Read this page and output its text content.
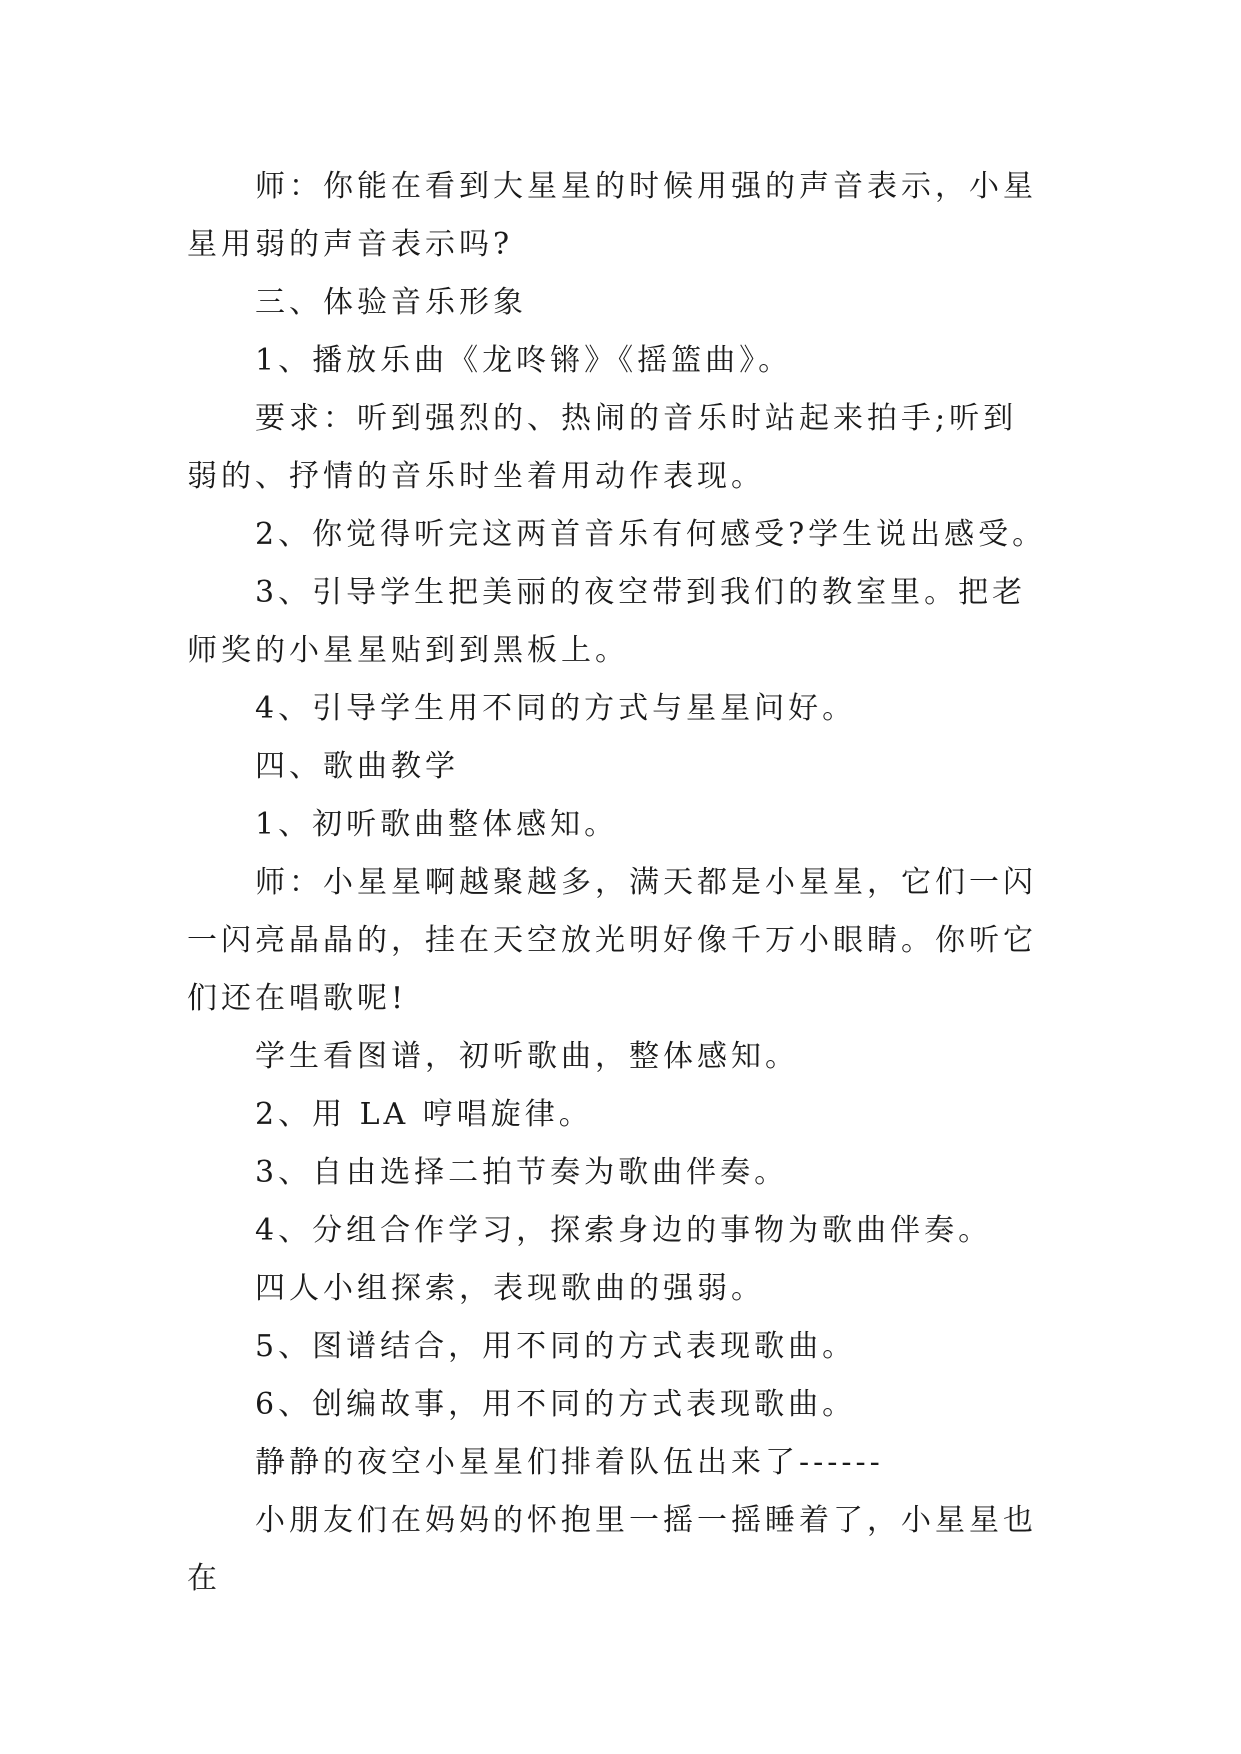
师：你能在看到大星星的时候用强的声音表示，小星星用弱的声音表示吗?

三、体验音乐形象

1、播放乐曲《龙咚锵》《摇篮曲》。

要求：听到强烈的、热闹的音乐时站起来拍手;听到弱的、抒情的音乐时坐着用动作表现。

2、你觉得听完这两首音乐有何感受?学生说出感受。

3、引导学生把美丽的夜空带到我们的教室里。把老师奖的小星星贴到到黑板上。

4、引导学生用不同的方式与星星问好。

四、歌曲教学

1、初听歌曲整体感知。

师：小星星啊越聚越多，满天都是小星星，它们一闪一闪亮晶晶的，挂在天空放光明好像千万小眼睛。你听它们还在唱歌呢!

学生看图谱，初听歌曲，整体感知。

2、用 LA 哼唱旋律。

3、自由选择二拍节奏为歌曲伴奏。

4、分组合作学习，探索身边的事物为歌曲伴奏。

四人小组探索，表现歌曲的强弱。

5、图谱结合，用不同的方式表现歌曲。

6、创编故事，用不同的方式表现歌曲。

静静的夜空小星星们排着队伍出来了------

小朋友们在妈妈的怀抱里一摇一摇睡着了，小星星也在
